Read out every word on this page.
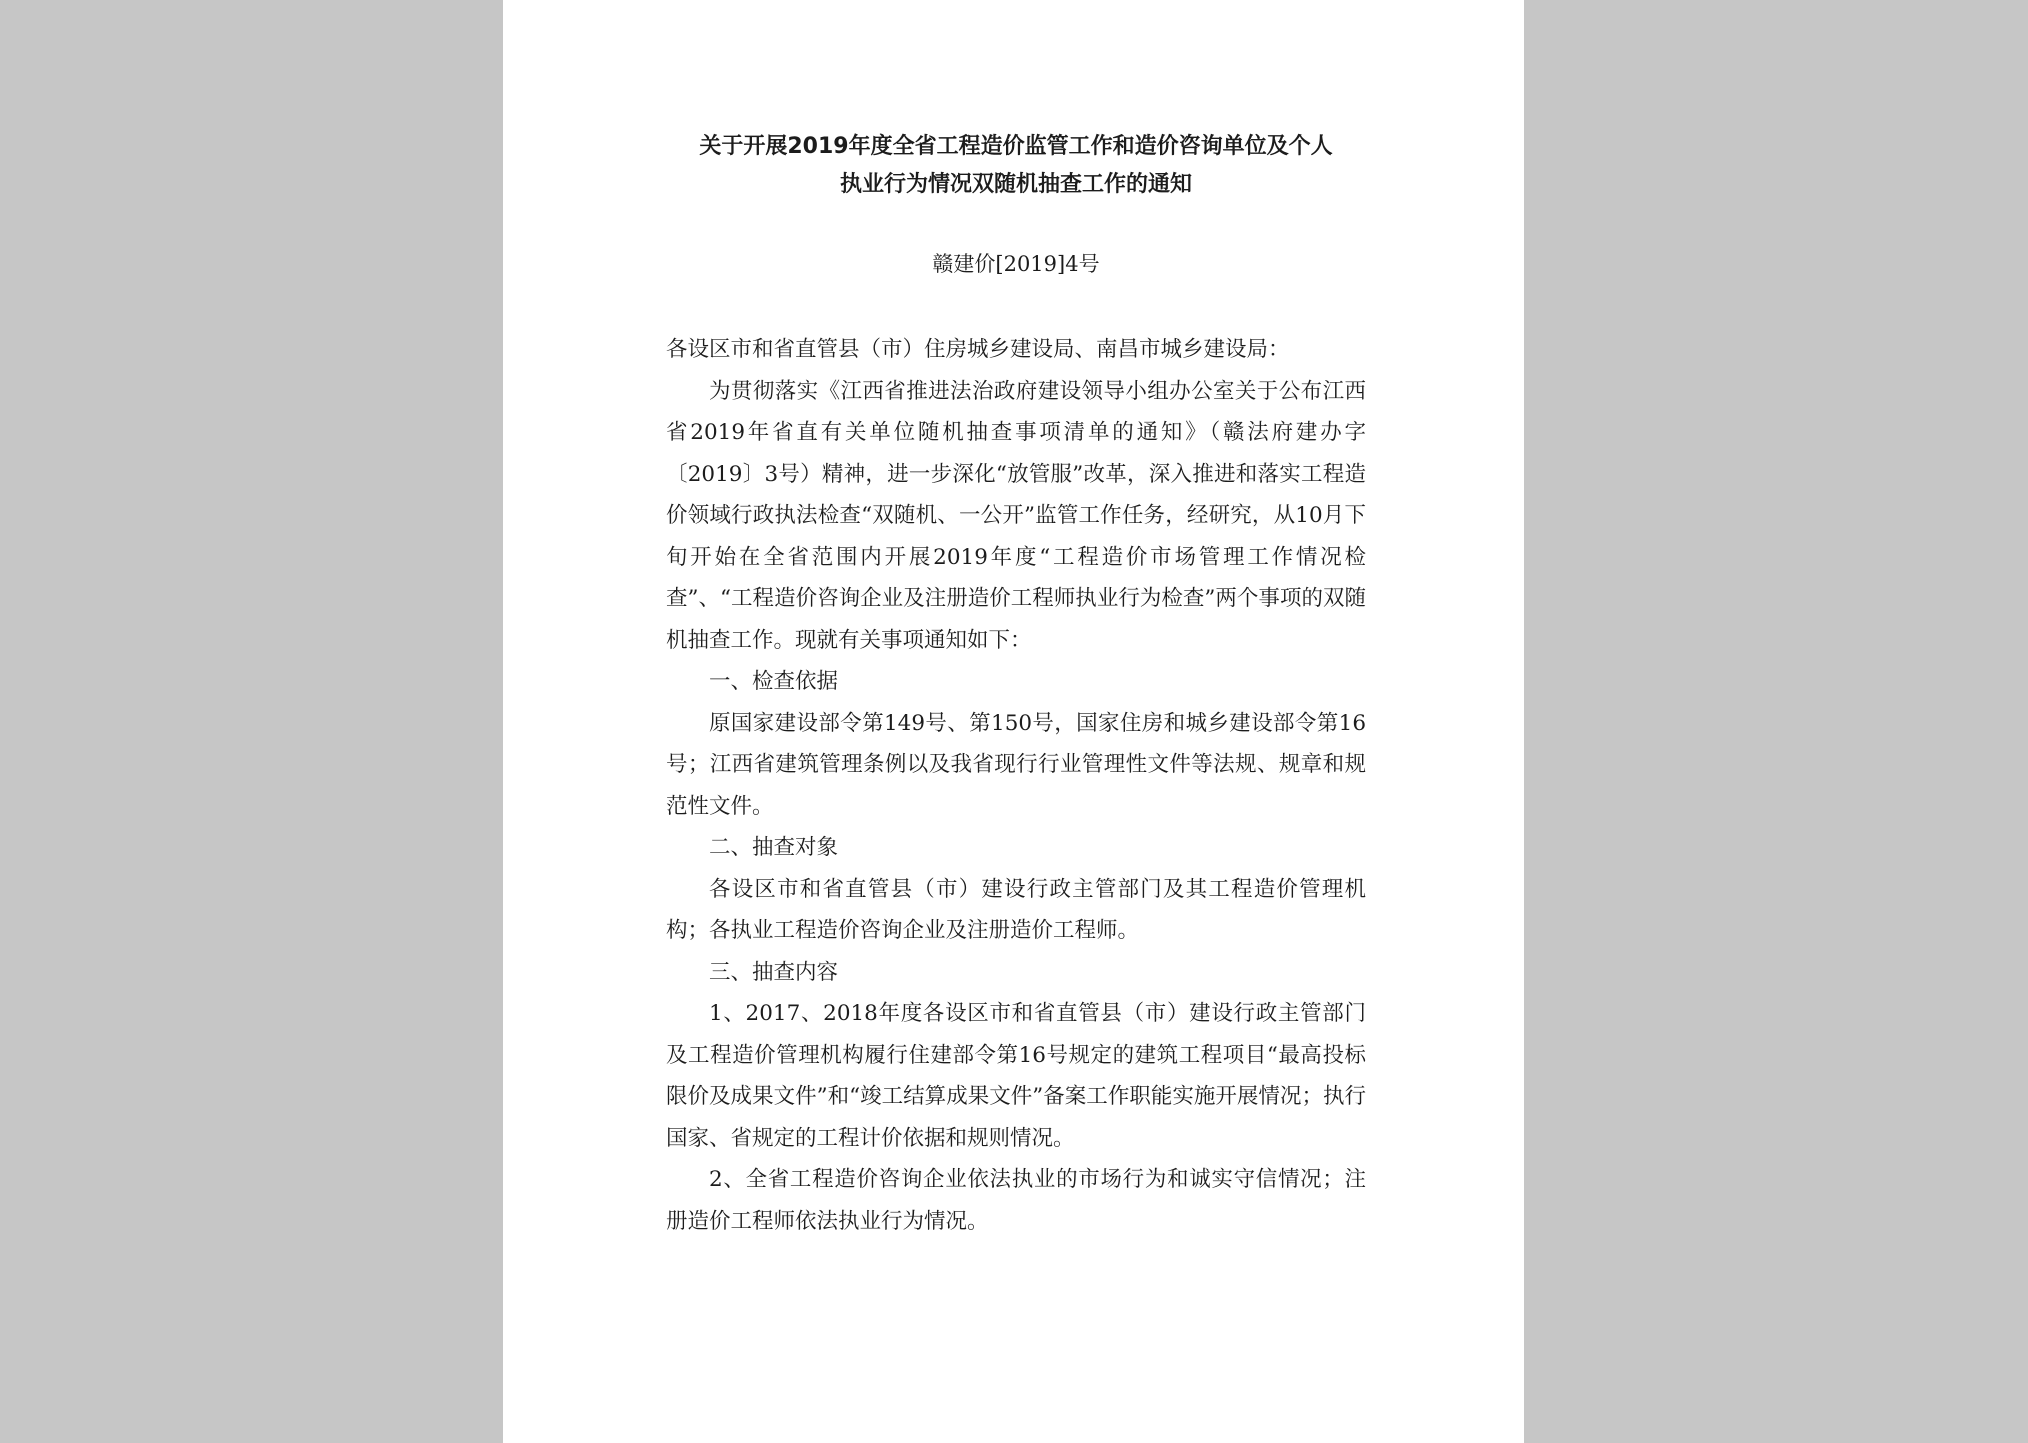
关于开展2019年度全省工程造价监管工作和造价咨询单位及个人

执业行为情况双随机抽查工作的通知

赣建价[2019]4号

各设区市和省直管县（市）住房城乡建设局、南昌市城乡建设局：

为贯彻落实《江西省推进法治政府建设领导小组办公室关于公布江西省2019年省直有关单位随机抽查事项清单的通知》（赣法府建办字〔2019〕3号）精神，进一步深化“放管服”改革，深入推进和落实工程造价领域行政执法检查“双随机、一公开”监管工作任务，经研究，从10月下旬开始在全省范围内开展2019年度“工程造价市场管理工作情况检查”、“工程造价咨询企业及注册造价工程师执业行为检查”两个事项的双随机抽查工作。现就有关事项通知如下：

一、检查依据

原国家建设部令第149号、第150号，国家住房和城乡建设部令第16号；江西省建筑管理条例以及我省现行行业管理性文件等法规、规章和规范性文件。

二、抽查对象

各设区市和省直管县（市）建设行政主管部门及其工程造价管理机构；各执业工程造价咨询企业及注册造价工程师。

三、抽查内容

1、2017、2018年度各设区市和省直管县（市）建设行政主管部门及工程造价管理机构履行住建部令第16号规定的建筑工程项目“最高投标限价及成果文件”和“竣工结算成果文件”备案工作职能实施开展情况；执行国家、省规定的工程计价依据和规则情况。

2、全省工程造价咨询企业依法执业的市场行为和诚实守信情况；注册造价工程师依法执业行为情况。
